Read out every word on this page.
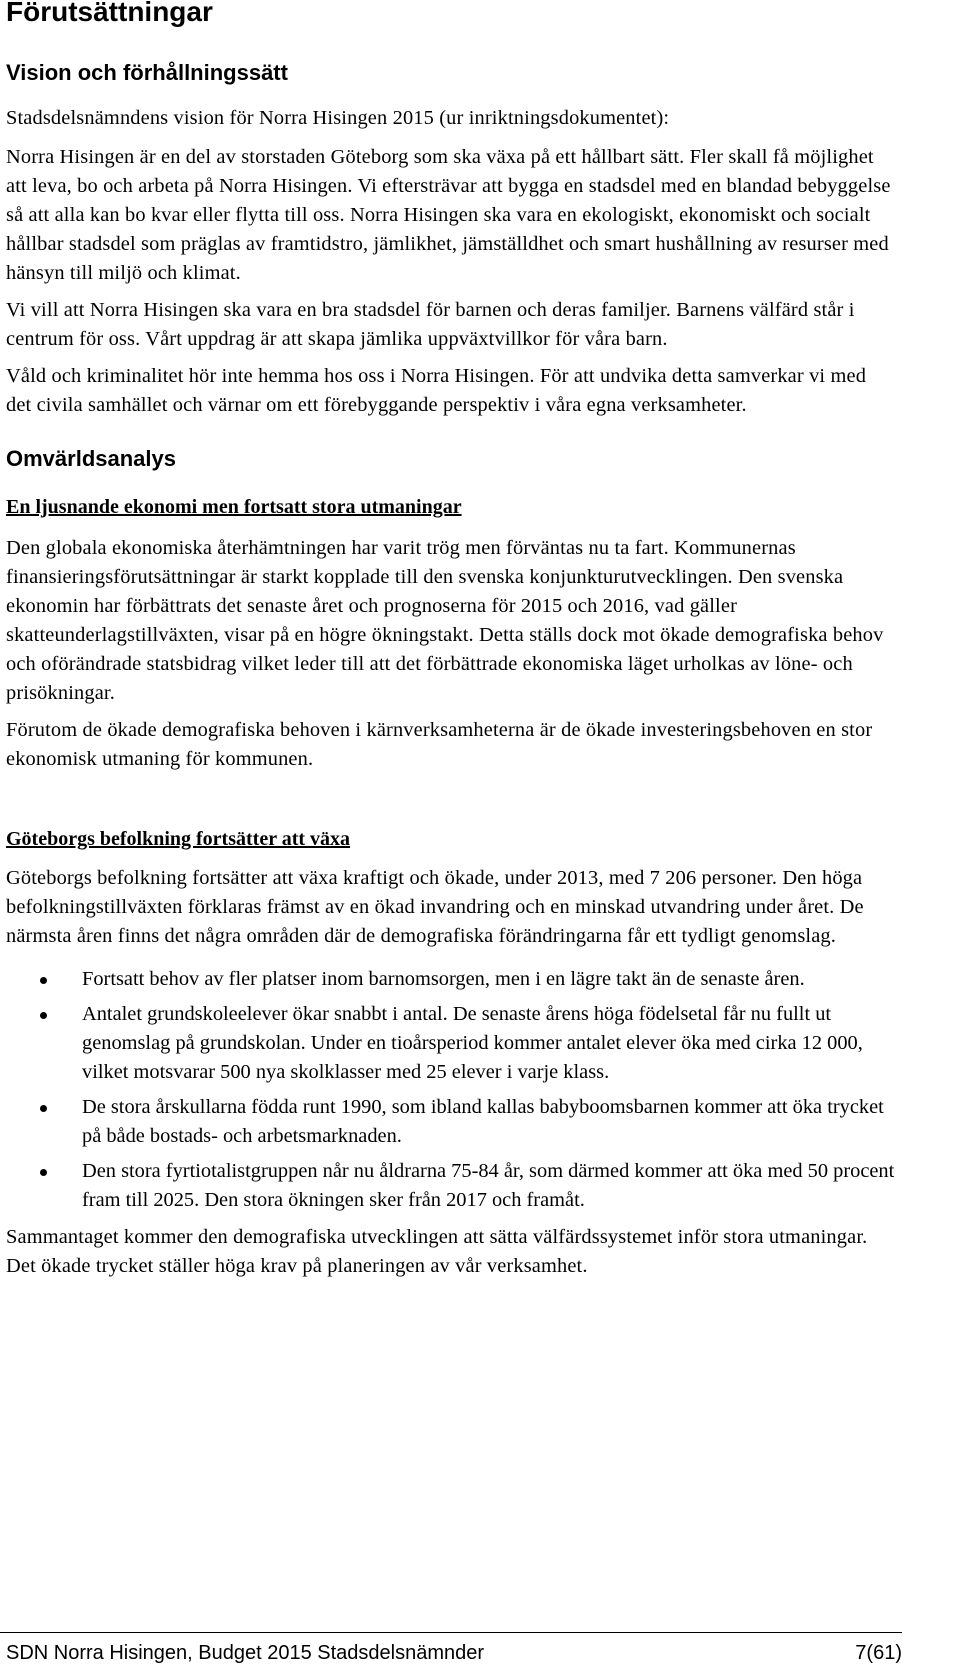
Förutsättningar
Vision och förhållningssätt

Stadsdelsnämndens vision för Norra Hisingen 2015 (ur inriktningsdokumentet):

Norra Hisingen är en del av storstaden Göteborg som ska växa på ett hållbart sätt. Fler skall få möjlighet att leva, bo och arbeta på Norra Hisingen. Vi eftersträvar att bygga en stadsdel med en blandad bebyggelse så att alla kan bo kvar eller flytta till oss. Norra Hisingen ska vara en ekologiskt, ekonomiskt och socialt hållbar stadsdel som präglas av framtidstro, jämlikhet, jämställdhet och smart hushållning av resurser med hänsyn till miljö och klimat.

Vi vill att Norra Hisingen ska vara en bra stadsdel för barnen och deras familjer. Barnens välfärd står i centrum för oss. Vårt uppdrag är att skapa jämlika uppväxtvillkor för våra barn.

Våld och kriminalitet hör inte hemma hos oss i Norra Hisingen. För att undvika detta samverkar vi med det civila samhället och värnar om ett förebyggande perspektiv i våra egna verksamheter.

Omvärldsanalys
En ljusnande ekonomi men fortsatt stora utmaningar

Den globala ekonomiska återhämtningen har varit trög men förväntas nu ta fart. Kommunernas finansieringsförutsättningar är starkt kopplade till den svenska konjunkturutvecklingen. Den svenska ekonomin har förbättrats det senaste året och prognoserna för 2015 och 2016, vad gäller skatteunderlagstillväxten, visar på en högre ökningstakt. Detta ställs dock mot ökade demografiska behov och oförändrade statsbidrag vilket leder till att det förbättrade ekonomiska läget urholkas av löne- och prisökningar.

Förutom de ökade demografiska behoven i kärnverksamheterna är de ökade investeringsbehoven en stor ekonomisk utmaning för kommunen.

Göteborgs befolkning fortsätter att växa

Göteborgs befolkning fortsätter att växa kraftigt och ökade, under 2013, med 7 206 personer. Den höga befolkningstillväxten förklaras främst av en ökad invandring och en minskad utvandring under året. De närmsta åren finns det några områden där de demografiska förändringarna får ett tydligt genomslag.

Fortsatt behov av fler platser inom barnomsorgen, men i en lägre takt än de senaste åren.
Antalet grundskoleelever ökar snabbt i antal. De senaste årens höga födelsetal får nu fullt ut genomslag på grundskolan. Under en tioårsperiod kommer antalet elever öka med cirka 12 000, vilket motsvarar 500 nya skolklasser med 25 elever i varje klass.
De stora årskullarna födda runt 1990, som ibland kallas babyboomsbarnen kommer att öka trycket på både bostads- och arbetsmarknaden.
Den stora fyrtiotalistgruppen når nu åldrarna 75-84 år, som därmed kommer att öka med 50 procent fram till 2025. Den stora ökningen sker från 2017 och framåt.

Sammantaget kommer den demografiska utvecklingen att sätta välfärdssystemet inför stora utmaningar. Det ökade trycket ställer höga krav på planeringen av vår verksamhet.

SDN Norra Hisingen, Budget 2015 Stadsdelsnämnder	7(61)
